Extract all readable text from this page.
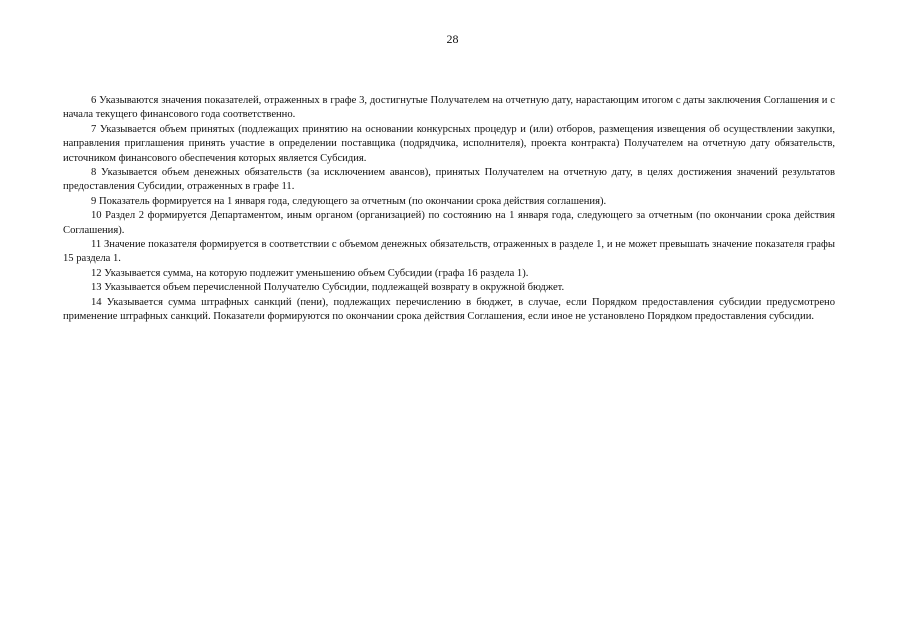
28

6 Указываются значения показателей, отраженных в графе 3, достигнутые Получателем на отчетную дату, нарастающим итогом с даты заключения Соглашения и с начала текущего финансового года соответственно.

7 Указывается объем принятых (подлежащих принятию на основании конкурсных процедур и (или) отборов, размещения извещения об осуществлении закупки, направления приглашения принять участие в определении поставщика (подрядчика, исполнителя), проекта контракта) Получателем на отчетную дату обязательств, источником финансового обеспечения которых является Субсидия.

8 Указывается объем денежных обязательств (за исключением авансов), принятых Получателем на отчетную дату, в целях достижения значений результатов предоставления Субсидии, отраженных в графе 11.

9 Показатель формируется на 1 января года, следующего за отчетным (по окончании срока действия соглашения).

10 Раздел 2 формируется Департаментом, иным органом (организацией) по состоянию на 1 января года, следующего за отчетным (по окончании срока действия Соглашения).

11 Значение показателя формируется в соответствии с объемом денежных обязательств, отраженных в разделе 1, и не может превышать значение показателя графы 15 раздела 1.

12 Указывается сумма, на которую подлежит уменьшению объем Субсидии (графа 16 раздела 1).

13 Указывается объем перечисленной Получателю Субсидии, подлежащей возврату в окружной бюджет.

14 Указывается сумма штрафных санкций (пени), подлежащих перечислению в бюджет, в случае, если Порядком предоставления субсидии предусмотрено применение штрафных санкций. Показатели формируются по окончании срока действия Соглашения, если иное не установлено Порядком предоставления субсидии.
